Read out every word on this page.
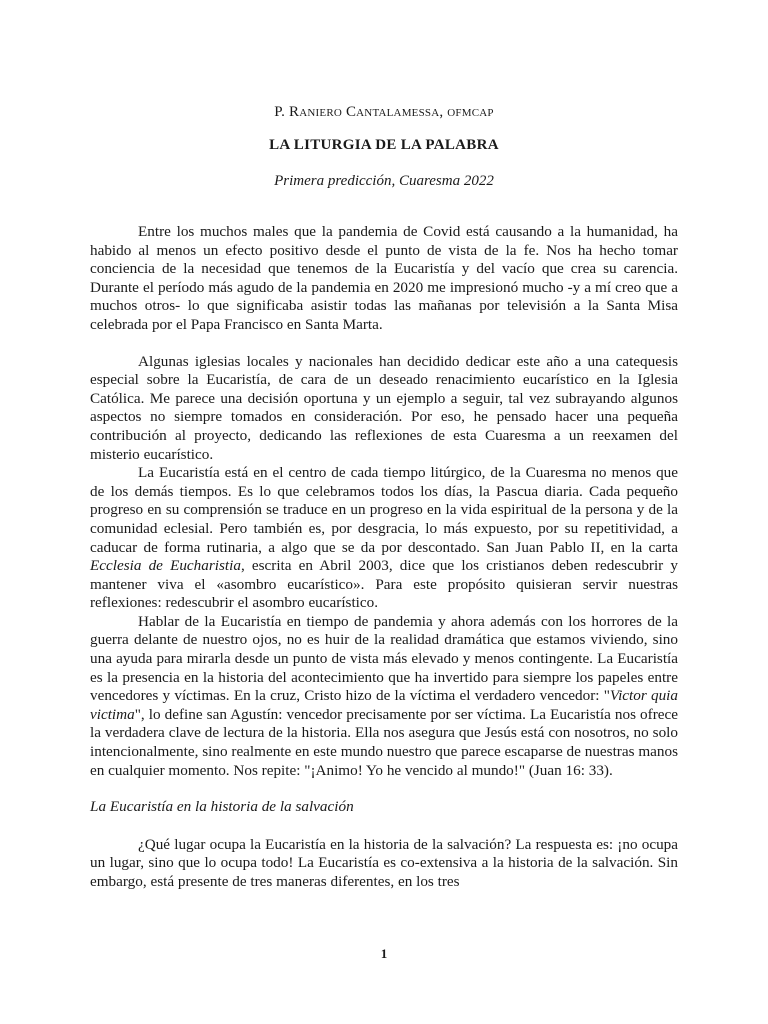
P. Raniero Cantalamessa, ofmcap
LA LITURGIA DE LA PALABRA
Primera predicción, Cuaresma 2022

Entre los muchos males que la pandemia de Covid está causando a la humanidad, ha habido al menos un efecto positivo desde el punto de vista de la fe. Nos ha hecho tomar conciencia de la necesidad que tenemos de la Eucaristía y del vacío que crea su carencia. Durante el período más agudo de la pandemia en 2020 me impresionó mucho -y a mí creo que a muchos otros- lo que significaba asistir todas las mañanas por televisión a la Santa Misa celebrada por el Papa Francisco en Santa Marta.

Algunas iglesias locales y nacionales han decidido dedicar este año a una catequesis especial sobre la Eucaristía, de cara de un deseado renacimiento eucarístico en la Iglesia Católica. Me parece una decisión oportuna y un ejemplo a seguir, tal vez subrayando algunos aspectos no siempre tomados en consideración. Por eso, he pensado hacer una pequeña contribución al proyecto, dedicando las reflexiones de esta Cuaresma a un reexamen del misterio eucarístico.

La Eucaristía está en el centro de cada tiempo litúrgico, de la Cuaresma no menos que de los demás tiempos. Es lo que celebramos todos los días, la Pascua diaria. Cada pequeño progreso en su comprensión se traduce en un progreso en la vida espiritual de la persona y de la comunidad eclesial. Pero también es, por desgracia, lo más expuesto, por su repetitividad, a caducar de forma rutinaria, a algo que se da por descontado. San Juan Pablo II, en la carta Ecclesia de Eucharistia, escrita en Abril 2003, dice que los cristianos deben redescubrir y mantener viva el «asombro eucarístico». Para este propósito quisieran servir nuestras reflexiones: redescubrir el asombro eucarístico.

Hablar de la Eucaristía en tiempo de pandemia y ahora además con los horrores de la guerra delante de nuestro ojos, no es huir de la realidad dramática que estamos viviendo, sino una ayuda para mirarla desde un punto de vista más elevado y menos contingente. La Eucaristía es la presencia en la historia del acontecimiento que ha invertido para siempre los papeles entre vencedores y víctimas. En la cruz, Cristo hizo de la víctima el verdadero vencedor: "Victor quia victima", lo define san Agustín: vencedor precisamente por ser víctima. La Eucaristía nos ofrece la verdadera clave de lectura de la historia. Ella nos asegura que Jesús está con nosotros, no solo intencionalmente, sino realmente en este mundo nuestro que parece escaparse de nuestras manos en cualquier momento. Nos repite: "¡Animo! Yo he vencido al mundo!" (Juan 16: 33).

La Eucaristía en la historia de la salvación

¿Qué lugar ocupa la Eucaristía en la historia de la salvación? La respuesta es: ¡no ocupa un lugar, sino que lo ocupa todo! La Eucaristía es co-extensiva a la historia de la salvación. Sin embargo, está presente de tres maneras diferentes, en los tres

1
